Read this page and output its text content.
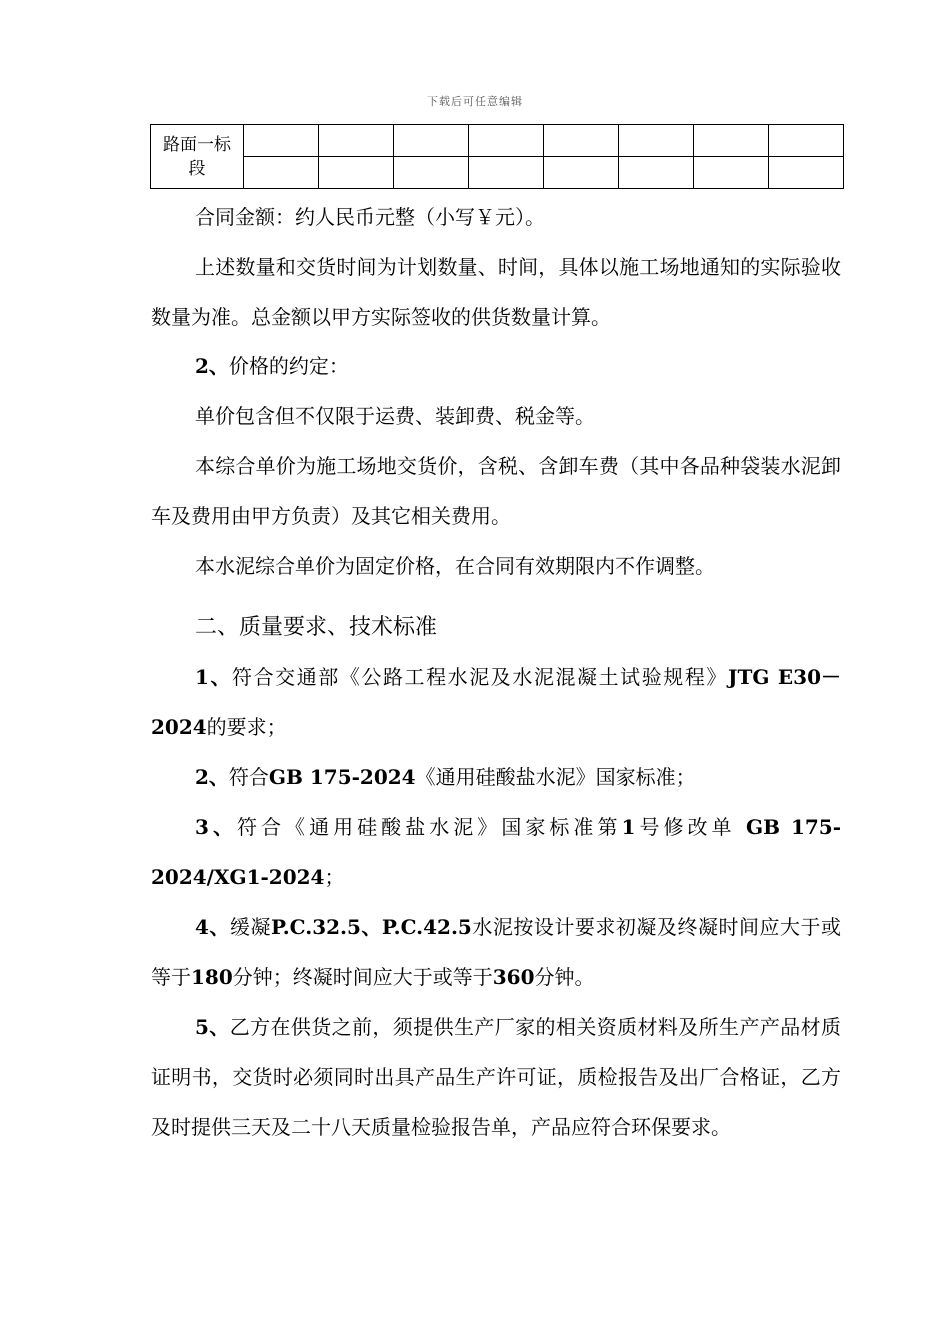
下载后可任意编辑
路面一标
段								

合同金额：约人民币元整（小写￥元）。

上述数量和交货时间为计划数量、时间，具体以施工场地通知的实际验收数量为准。总金额以甲方实际签收的供货数量计算。

2、价格的约定：

单价包含但不仅限于运费、装卸费、税金等。

本综合单价为施工场地交货价，含税、含卸车费（其中各品种袋装水泥卸车及费用由甲方负责）及其它相关费用。

本水泥综合单价为固定价格，在合同有效期限内不作调整。

二、质量要求、技术标准

1、符合交通部《公路工程水泥及水泥混凝土试验规程》JTG E30－2024的要求；

2、符合GB 175-2024《通用硅酸盐水泥》国家标准；

3、符合《通用硅酸盐水泥》国家标准第1号修改单 GB 175-2024/XG1-2024；

4、缓凝P.C.32.5、P.C.42.5水泥按设计要求初凝及终凝时间应大于或等于180分钟；终凝时间应大于或等于360分钟。

5、乙方在供货之前，须提供生产厂家的相关资质材料及所生产产品材质证明书，交货时必须同时出具产品生产许可证，质检报告及出厂合格证，乙方及时提供三天及二十八天质量检验报告单，产品应符合环保要求。
